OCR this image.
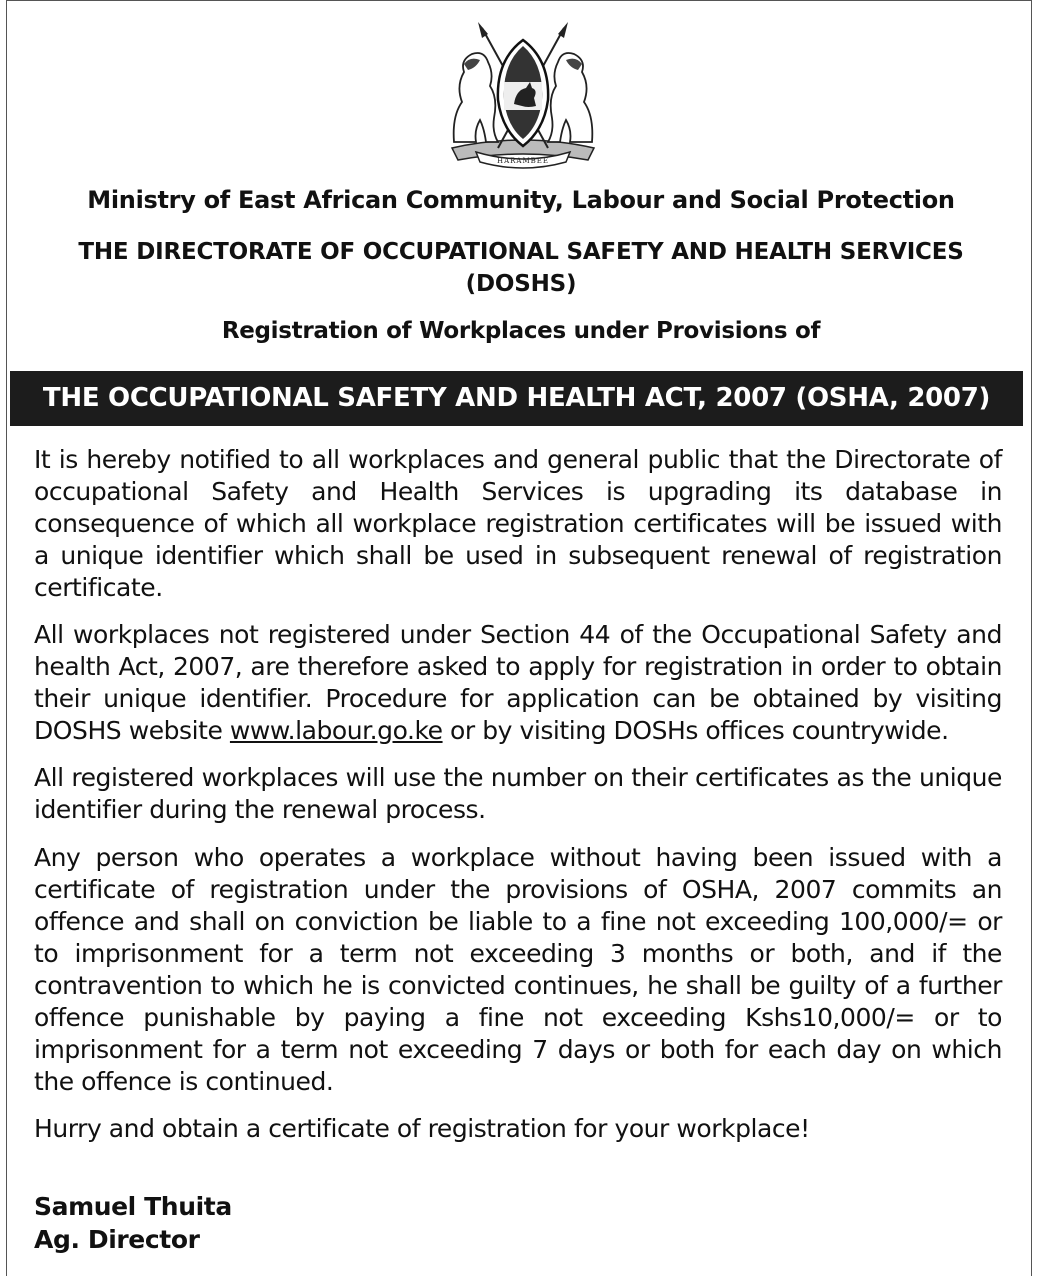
HARAMBEE
Ministry of East African Community, Labour and Social Protection
THE DIRECTORATE OF OCCUPATIONAL SAFETY AND HEALTH SERVICES
(DOSHS)
Registration of Workplaces under Provisions of
THE OCCUPATIONAL SAFETY AND HEALTH ACT, 2007 (OSHA, 2007)

It is hereby notified to all workplaces and general public that the Directorate of occupational Safety and Health Services is upgrading its database in consequence of which all workplace registration certificates will be issued with a unique identifier which shall be used in subsequent renewal of registration certificate.

All workplaces not registered under Section 44 of the Occupational Safety and health Act, 2007, are therefore asked to apply for registration in order to obtain their unique identifier. Procedure for application can be obtained by visiting DOSHS website www.labour.go.ke or by visiting DOSHs offices countrywide.

All registered workplaces will use the number on their certificates as the unique identifier during the renewal process.

Any person who operates a workplace without having been issued with a certificate of registration under the provisions of OSHA, 2007 commits an offence and shall on conviction be liable to a fine not exceeding 100,000/= or to imprisonment for a term not exceeding 3 months or both, and if the contravention to which he is convicted continues, he shall be guilty of a further offence punishable by paying a fine not exceeding Kshs10,000/= or to imprisonment for a term not exceeding 7 days or both for each day on which the offence is continued.

Hurry and obtain a certificate of registration for your workplace!

Samuel Thuita
Ag. Director
